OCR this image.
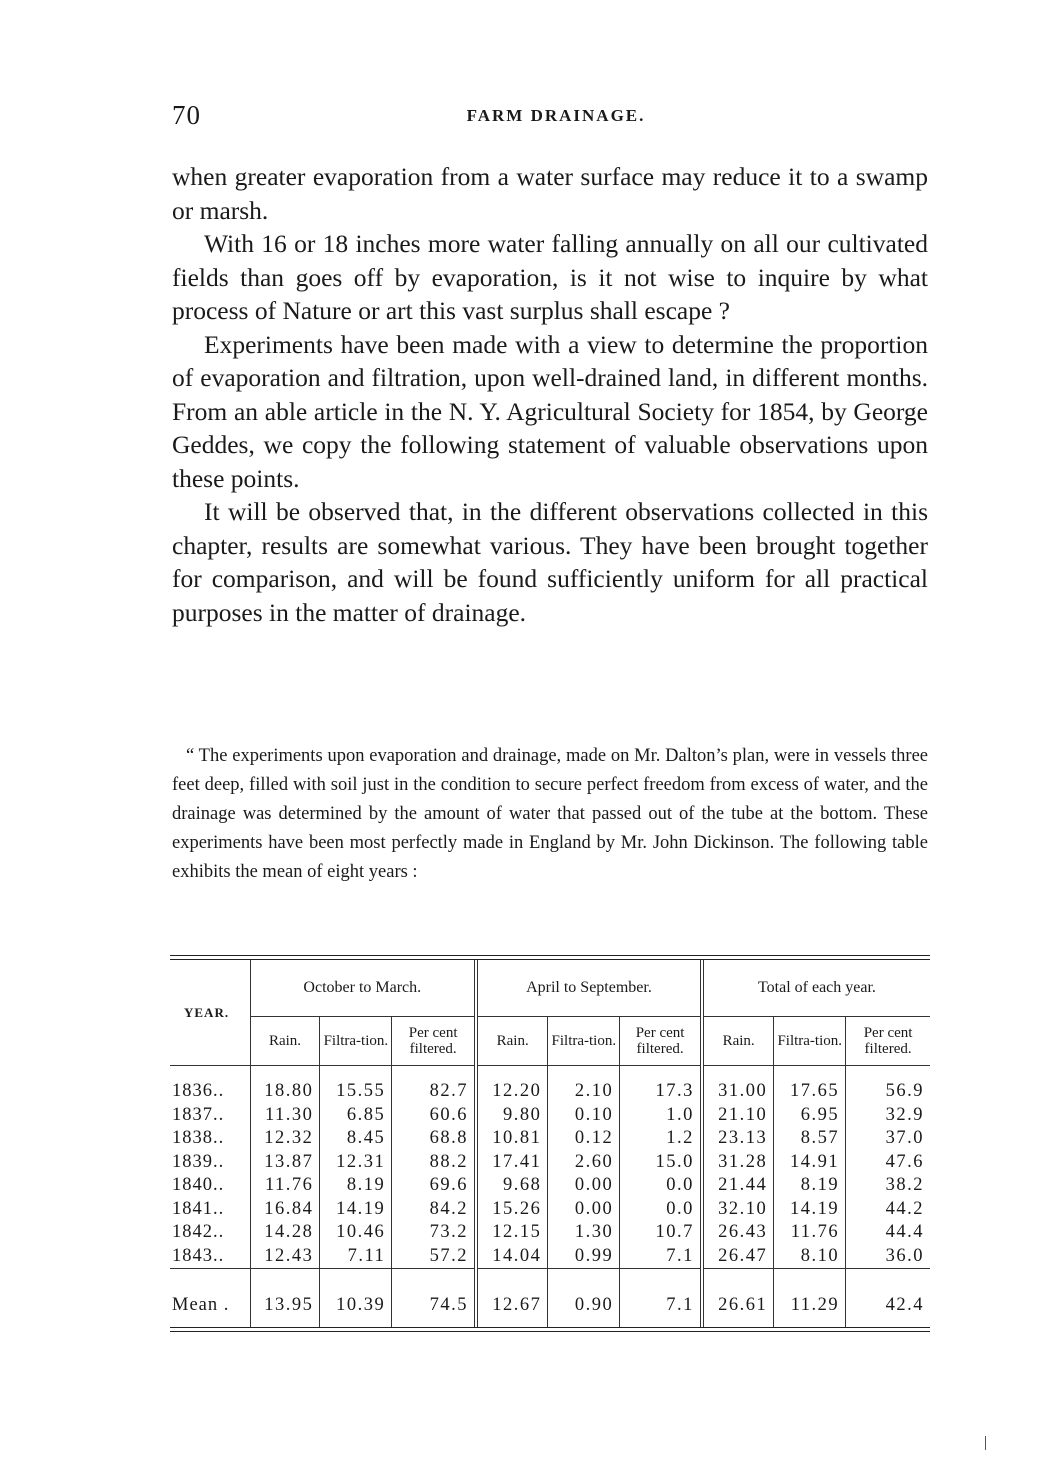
70	FARM DRAINAGE.

when greater evaporation from a water surface may reduce it to a swamp or marsh.

With 16 or 18 inches more water falling annually on all our cultivated fields than goes off by evaporation, is it not wise to inquire by what process of Nature or art this vast surplus shall escape ?

Experiments have been made with a view to determine the proportion of evaporation and filtration, upon well-drained land, in different months. From an able article in the N. Y. Agricultural Society for 1854, by George Geddes, we copy the following statement of valuable observations upon these points.

It will be observed that, in the different observations collected in this chapter, results are somewhat various. They have been brought together for comparison, and will be found sufficiently uniform for all practical purposes in the matter of drainage.

“ The experiments upon evaporation and drainage, made on Mr. Dalton’s plan, were in vessels three feet deep, filled with soil just in the condition to secure perfect freedom from excess of water, and the drainage was determined by the amount of water that passed out of the tube at the bottom. These experiments have been most perfectly made in England by Mr. John Dickinson. The following table exhibits the mean of eight years :

YEAR.	October to March.			April to September.			Total of each year.		
	Rain.	Filtra-tion.	Per cent filtered.	Rain.	Filtra-tion.	Per cent filtered.	Rain.	Filtra-tion.	Per cent filtered.
1836..	18.80	15.55	82.7	12.20	2.10	17.3	31.00	17.65	56.9
1837..	11.30	6.85	60.6	9.80	0.10	1.0	21.10	6.95	32.9
1838..	12.32	8.45	68.8	10.81	0.12	1.2	23.13	8.57	37.0
1839..	13.87	12.31	88.2	17.41	2.60	15.0	31.28	14.91	47.6
1840..	11.76	8.19	69.6	9.68	0.00	0.0	21.44	8.19	38.2
1841..	16.84	14.19	84.2	15.26	0.00	0.0	32.10	14.19	44.2
1842..	14.28	10.46	73.2	12.15	1.30	10.7	26.43	11.76	44.4
1843..	12.43	7.11	57.2	14.04	0.99	7.1	26.47	8.10	36.0
Mean .	13.95	10.39	74.5	12.67	0.90	7.1	26.61	11.29	42.4
